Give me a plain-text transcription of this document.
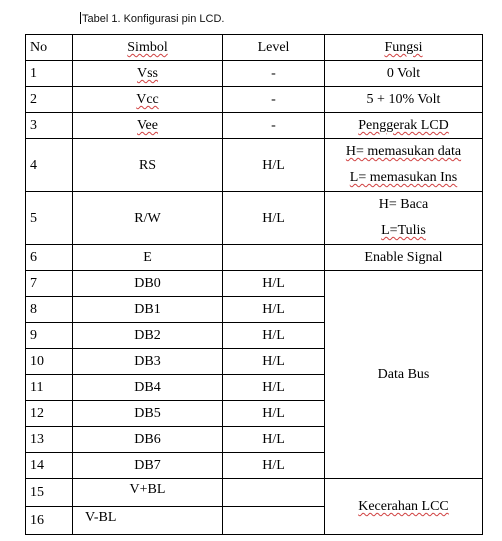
Tabel 1. Konfigurasi pin LCD.
No	Simbol	Level	Fungsi
1	Vss	-	0 Volt
2	Vcc	-	5 + 10% Volt
3	Vee	-	Penggerak LCD
4	RS	H/L	H= memasukan data
L= memasukan Ins

5	R/W	H/L	H= Baca
L=Tulis

6	E		Enable Signal
7	DB0	H/L	Data Bus
8	DB1	H/L	
9	DB2	H/L	
10	DB3	H/L	
11	DB4	H/L	
12	DB5	H/L	
13	DB6	H/L	
14	DB7	H/L	
15	V+BL		Kecerahan LCC
16	V-BL		
